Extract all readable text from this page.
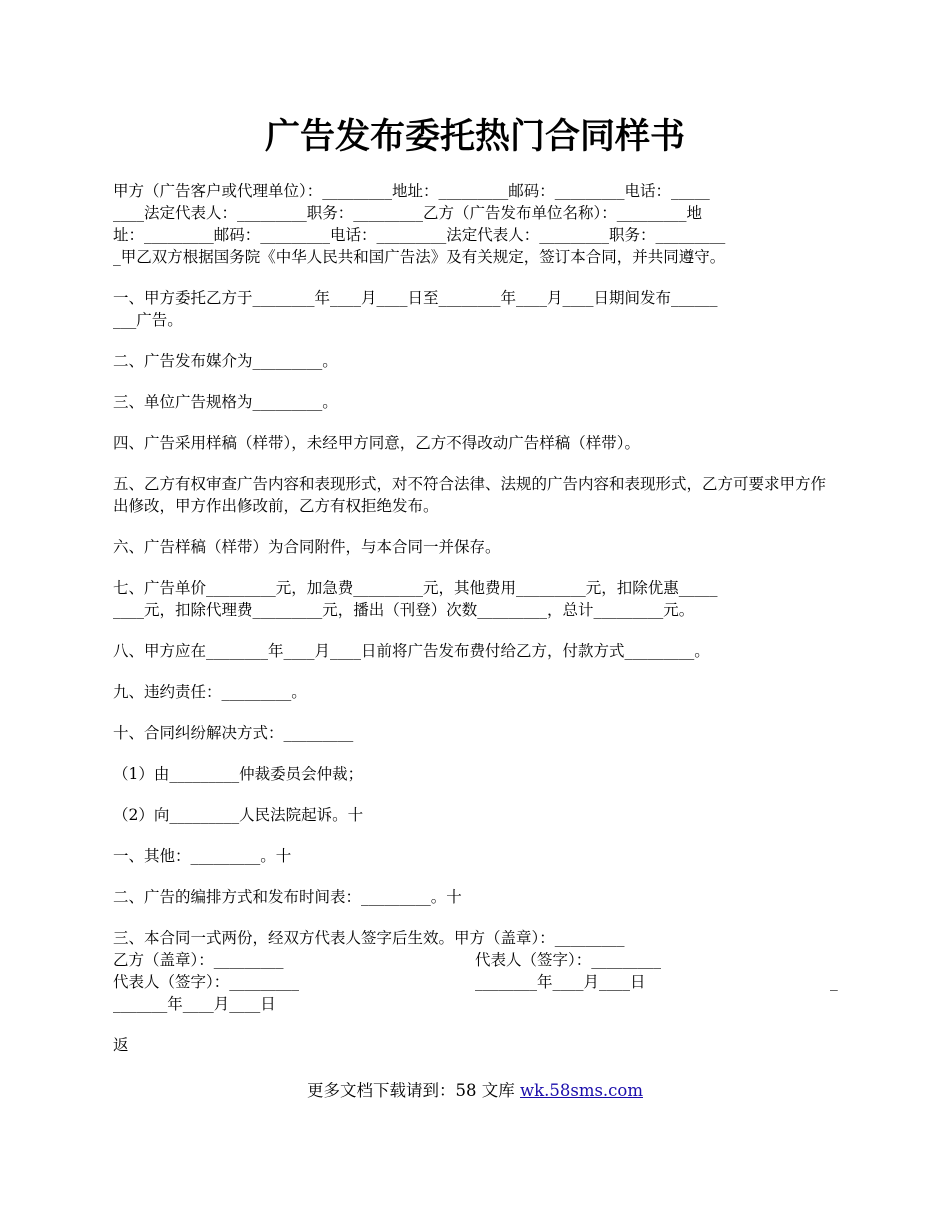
广告发布委托热门合同样书

甲方（广告客户或代理单位）：_________地址：_________邮码：_________电话：_____

____法定代表人：_________职务：_________乙方（广告发布单位名称）：_________地

址：_________邮码：_________电话：_________法定代表人：_________职务：_________

_甲乙双方根据国务院《中华人民共和国广告法》及有关规定，签订本合同，并共同遵守。

一、甲方委托乙方于________年____月____日至________年____月____日期间发布______

___广告。

二、广告发布媒介为_________。

三、单位广告规格为_________。

四、广告采用样稿（样带），未经甲方同意，乙方不得改动广告样稿（样带）。

五、乙方有权审查广告内容和表现形式，对不符合法律、法规的广告内容和表现形式，乙方可要求甲方作出修改，甲方作出修改前，乙方有权拒绝发布。

六、广告样稿（样带）为合同附件，与本合同一并保存。

七、广告单价_________元，加急费_________元，其他费用_________元，扣除优惠_____

____元，扣除代理费_________元，播出（刊登）次数_________，总计_________元。

八、甲方应在________年____月____日前将广告发布费付给乙方，付款方式_________。

九、违约责任：_________。

十、合同纠纷解决方式：_________

（1）由_________仲裁委员会仲裁；

（2）向_________人民法院起诉。十

一、其他：_________。十

二、广告的编排方式和发布时间表：_________。十

三、本合同一式两份，经双方代表人签字后生效。甲方（盖章）：_________

乙方（盖章）：_________	代表人（签字）：_________
代表人（签字）：_________	________年____月____日	_
_______年____月____日

返

更多文档下载请到：58 文库 wk.58sms.com
